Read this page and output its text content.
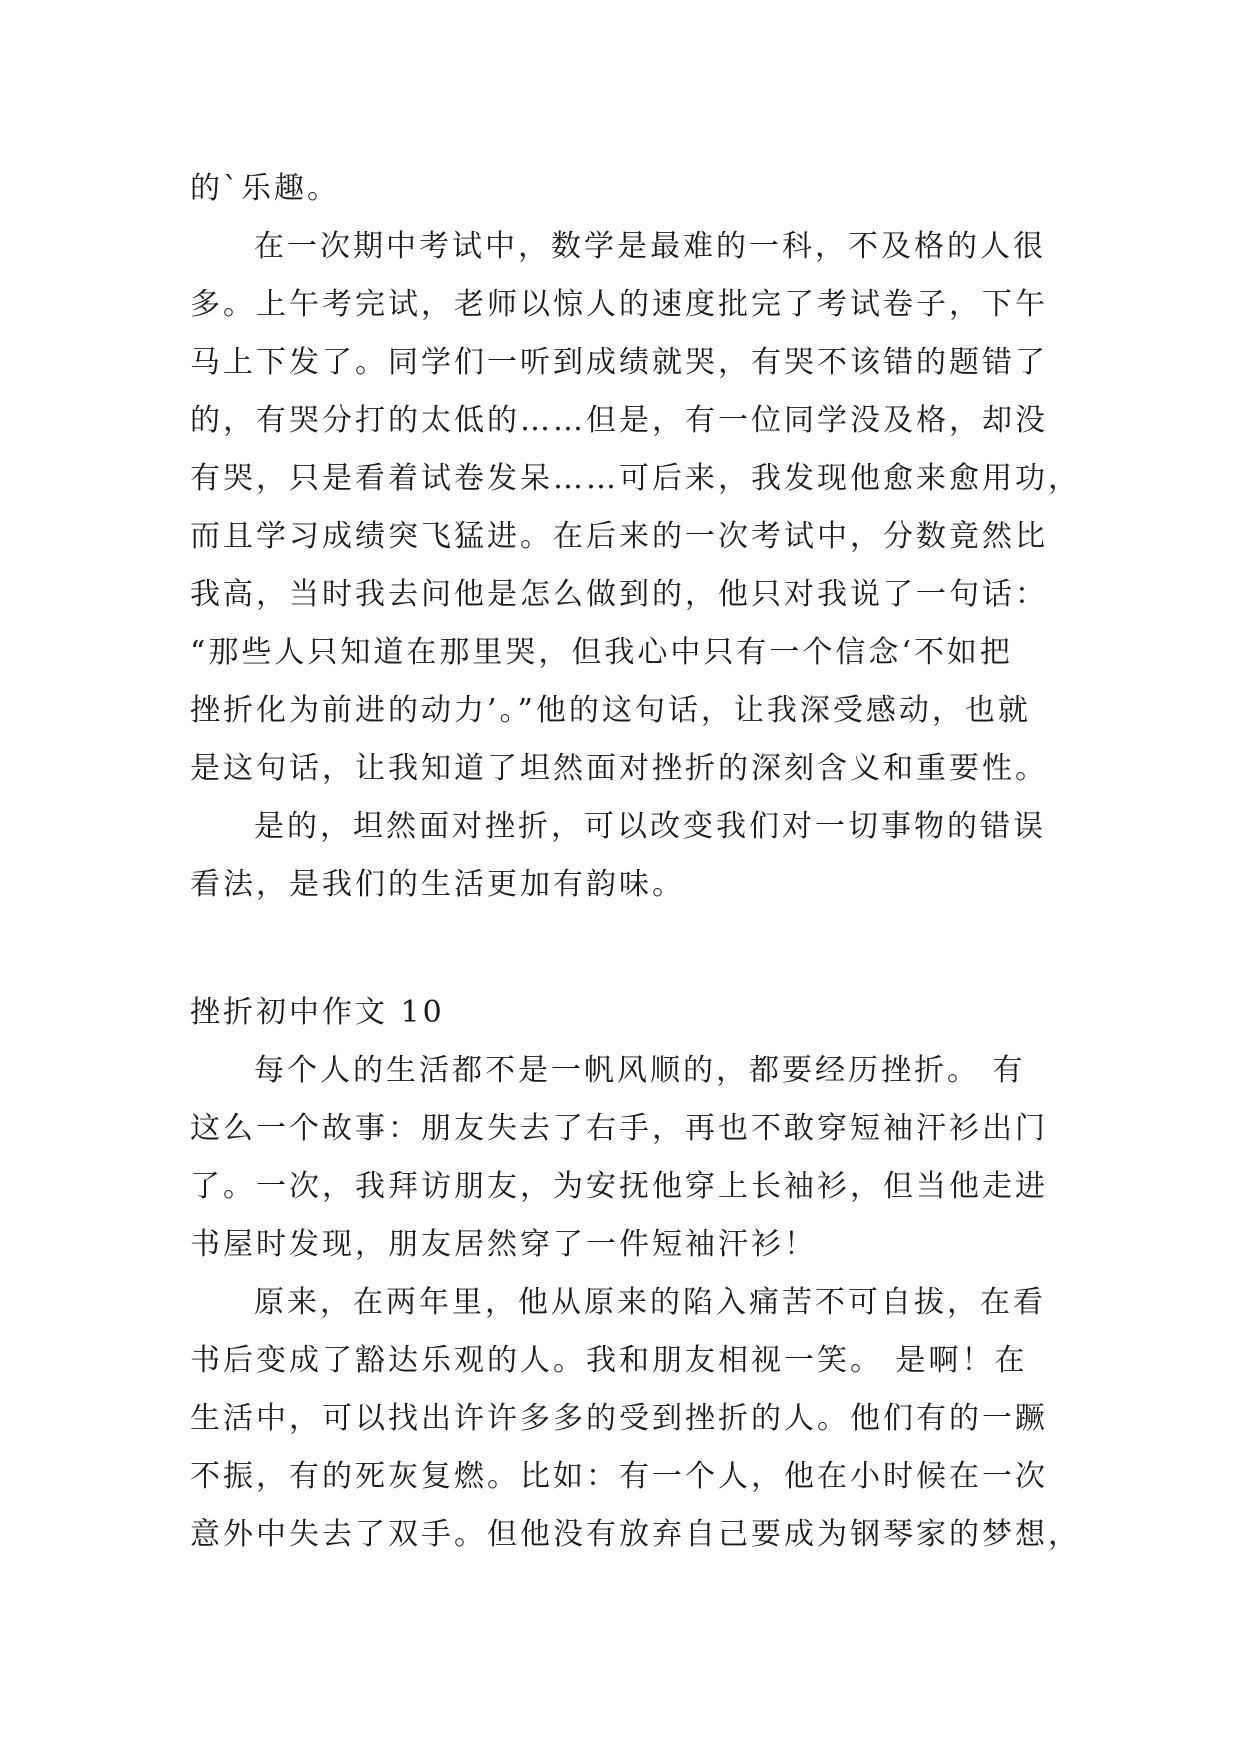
的`乐趣。
在一次期中考试中，数学是最难的一科，不及格的人很
多。上午考完试，老师以惊人的速度批完了考试卷子，下午
马上下发了。同学们一听到成绩就哭，有哭不该错的题错了
的，有哭分打的太低的……但是，有一位同学没及格，却没
有哭，只是看着试卷发呆……可后来，我发现他愈来愈用功，
而且学习成绩突飞猛进。在后来的一次考试中，分数竟然比
我高，当时我去问他是怎么做到的，他只对我说了一句话：
“那些人只知道在那里哭，但我心中只有一个信念‘不如把
挫折化为前进的动力’。”他的这句话，让我深受感动，也就
是这句话，让我知道了坦然面对挫折的深刻含义和重要性。
是的，坦然面对挫折，可以改变我们对一切事物的错误
看法，是我们的生活更加有韵味。
挫折初中作文 10
每个人的生活都不是一帆风顺的，都要经历挫折。 有
这么一个故事：朋友失去了右手，再也不敢穿短袖汗衫出门
了。一次，我拜访朋友，为安抚他穿上长袖衫，但当他走进
书屋时发现，朋友居然穿了一件短袖汗衫！
原来，在两年里，他从原来的陷入痛苦不可自拔，在看
书后变成了豁达乐观的人。我和朋友相视一笑。 是啊！在
生活中，可以找出许许多多的受到挫折的人。他们有的一蹶
不振，有的死灰复燃。比如：有一个人，他在小时候在一次
意外中失去了双手。但他没有放弃自己要成为钢琴家的梦想，
